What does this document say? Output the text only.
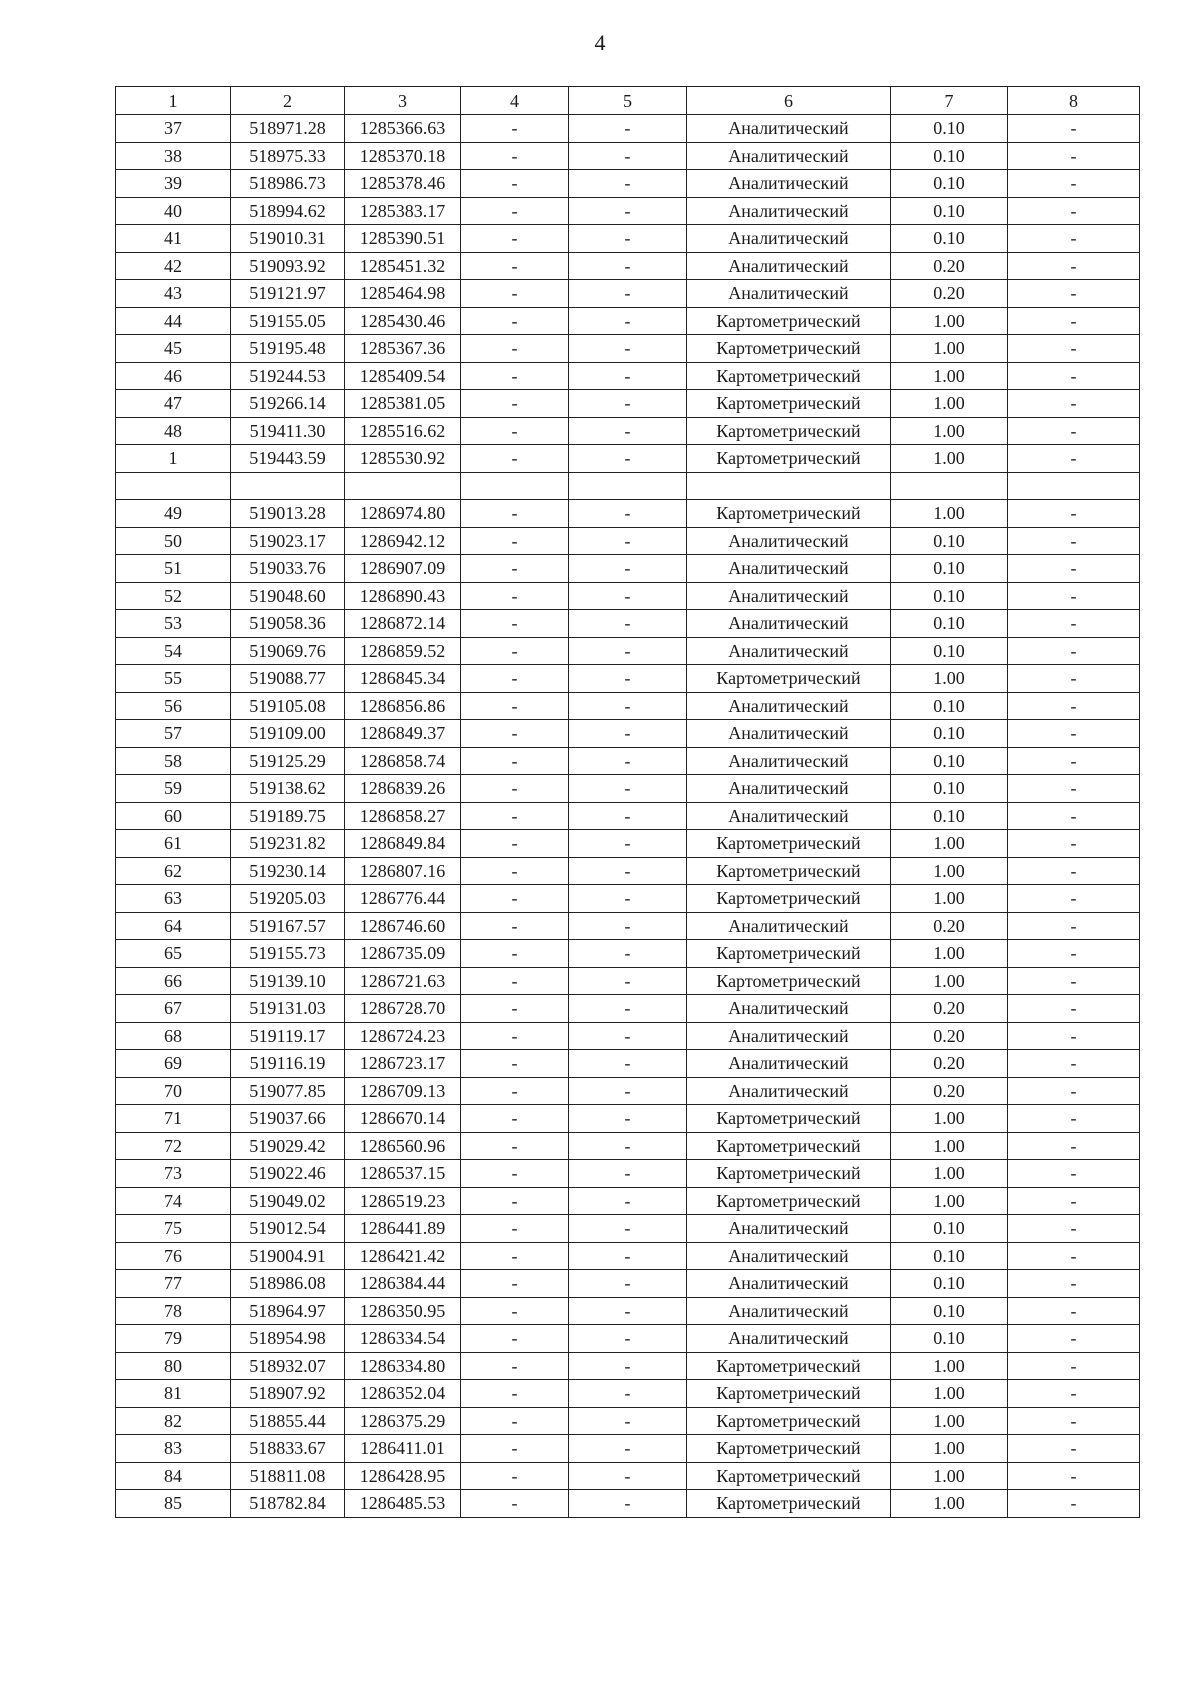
4
1	2	3	4	5	6	7	8
37	518971.28	1285366.63	-	-	Аналитический	0.10	-
38	518975.33	1285370.18	-	-	Аналитический	0.10	-
39	518986.73	1285378.46	-	-	Аналитический	0.10	-
40	518994.62	1285383.17	-	-	Аналитический	0.10	-
41	519010.31	1285390.51	-	-	Аналитический	0.10	-
42	519093.92	1285451.32	-	-	Аналитический	0.20	-
43	519121.97	1285464.98	-	-	Аналитический	0.20	-
44	519155.05	1285430.46	-	-	Картометрический	1.00	-
45	519195.48	1285367.36	-	-	Картометрический	1.00	-
46	519244.53	1285409.54	-	-	Картометрический	1.00	-
47	519266.14	1285381.05	-	-	Картометрический	1.00	-
48	519411.30	1285516.62	-	-	Картометрический	1.00	-
1	519443.59	1285530.92	-	-	Картометрический	1.00	-

49	519013.28	1286974.80	-	-	Картометрический	1.00	-
50	519023.17	1286942.12	-	-	Аналитический	0.10	-
51	519033.76	1286907.09	-	-	Аналитический	0.10	-
52	519048.60	1286890.43	-	-	Аналитический	0.10	-
53	519058.36	1286872.14	-	-	Аналитический	0.10	-
54	519069.76	1286859.52	-	-	Аналитический	0.10	-
55	519088.77	1286845.34	-	-	Картометрический	1.00	-
56	519105.08	1286856.86	-	-	Аналитический	0.10	-
57	519109.00	1286849.37	-	-	Аналитический	0.10	-
58	519125.29	1286858.74	-	-	Аналитический	0.10	-
59	519138.62	1286839.26	-	-	Аналитический	0.10	-
60	519189.75	1286858.27	-	-	Аналитический	0.10	-
61	519231.82	1286849.84	-	-	Картометрический	1.00	-
62	519230.14	1286807.16	-	-	Картометрический	1.00	-
63	519205.03	1286776.44	-	-	Картометрический	1.00	-
64	519167.57	1286746.60	-	-	Аналитический	0.20	-
65	519155.73	1286735.09	-	-	Картометрический	1.00	-
66	519139.10	1286721.63	-	-	Картометрический	1.00	-
67	519131.03	1286728.70	-	-	Аналитический	0.20	-
68	519119.17	1286724.23	-	-	Аналитический	0.20	-
69	519116.19	1286723.17	-	-	Аналитический	0.20	-
70	519077.85	1286709.13	-	-	Аналитический	0.20	-
71	519037.66	1286670.14	-	-	Картометрический	1.00	-
72	519029.42	1286560.96	-	-	Картометрический	1.00	-
73	519022.46	1286537.15	-	-	Картометрический	1.00	-
74	519049.02	1286519.23	-	-	Картометрический	1.00	-
75	519012.54	1286441.89	-	-	Аналитический	0.10	-
76	519004.91	1286421.42	-	-	Аналитический	0.10	-
77	518986.08	1286384.44	-	-	Аналитический	0.10	-
78	518964.97	1286350.95	-	-	Аналитический	0.10	-
79	518954.98	1286334.54	-	-	Аналитический	0.10	-
80	518932.07	1286334.80	-	-	Картометрический	1.00	-
81	518907.92	1286352.04	-	-	Картометрический	1.00	-
82	518855.44	1286375.29	-	-	Картометрический	1.00	-
83	518833.67	1286411.01	-	-	Картометрический	1.00	-
84	518811.08	1286428.95	-	-	Картометрический	1.00	-
85	518782.84	1286485.53	-	-	Картометрический	1.00	-
